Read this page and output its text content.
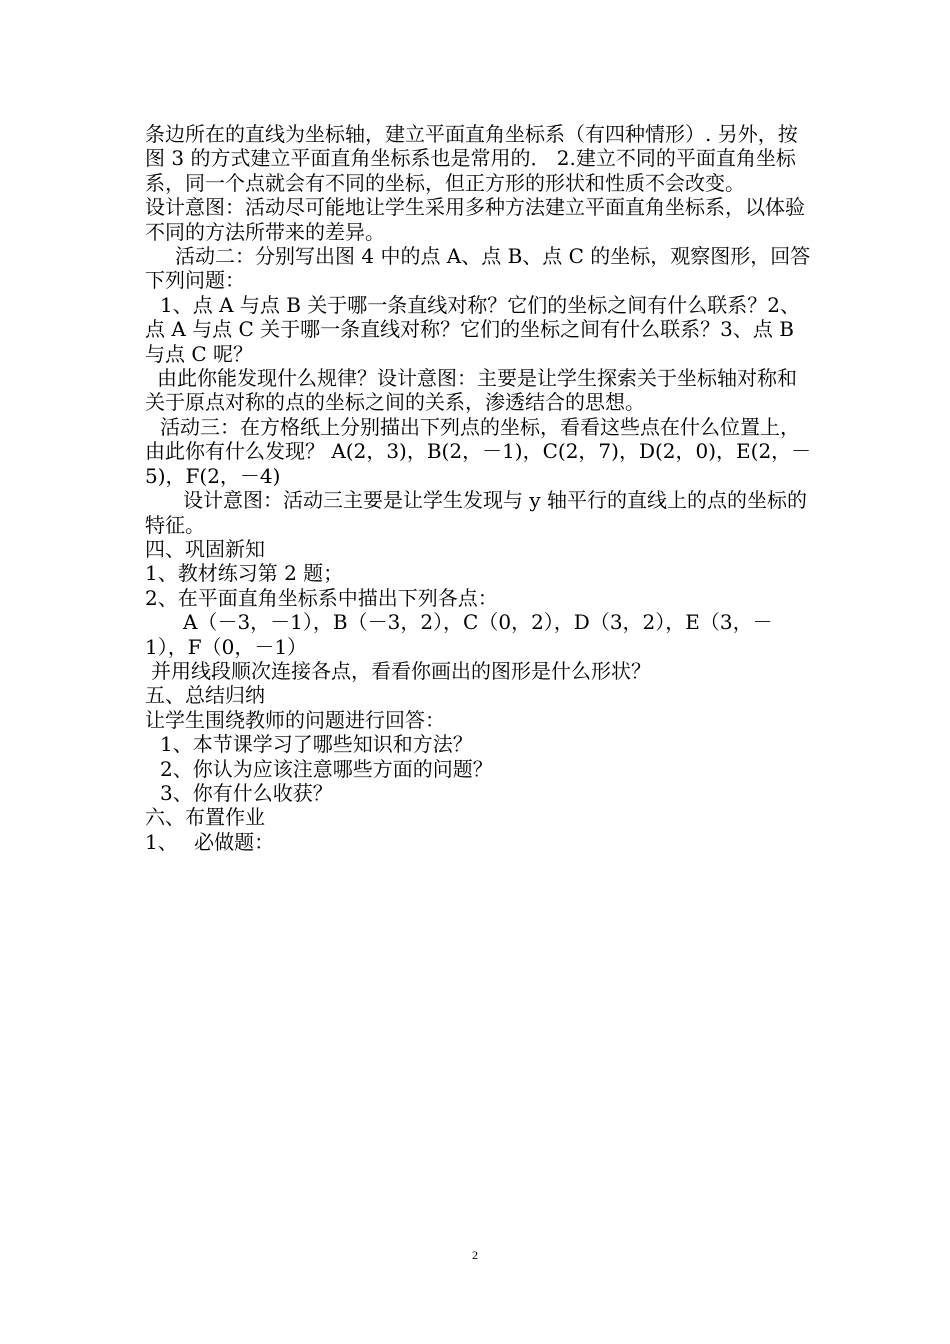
条边所在的直线为坐标轴，建立平面直角坐标系（有四种情形）. 另外，按图 3 的方式建立平面直角坐标系也是常用的． 2.建立不同的平面直角坐标系，同一个点就会有不同的坐标，但正方形的形状和性质不会改变。

设计意图：活动尽可能地让学生采用多种方法建立平面直角坐标系，以体验不同的方法所带来的差异。

活动二：分别写出图 4 中的点 A、点 B、点 C 的坐标，观察图形，回答下列问题：

1、点 A 与点 B 关于哪一条直线对称？它们的坐标之间有什么联系？2、点 A 与点 C 关于哪一条直线对称？它们的坐标之间有什么联系？3、点 B 与点 C 呢？

由此你能发现什么规律？设计意图：主要是让学生探索关于坐标轴对称和关于原点对称的点的坐标之间的关系，渗透结合的思想。

活动三：在方格纸上分别描出下列点的坐标，看看这些点在什么位置上，由此你有什么发现？ A(2，3)，B(2，－1)，C(2，7)，D(2，0)，E(2，－5)，F(2，－4)

设计意图：活动三主要是让学生发现与 y 轴平行的直线上的点的坐标的特征。

四、巩固新知

1、教材练习第 2 题；

2、在平面直角坐标系中描出下列各点：

A（－3，－1），B（－3，2），C（0，2），D（3，2），E（3，－1），F（0，－1）

并用线段顺次连接各点，看看你画出的图形是什么形状？

五、总结归纳

让学生围绕教师的问题进行回答：

1、本节课学习了哪些知识和方法？

2、你认为应该注意哪些方面的问题？

3、你有什么收获？

六、布置作业

1、　 必做题：

2
